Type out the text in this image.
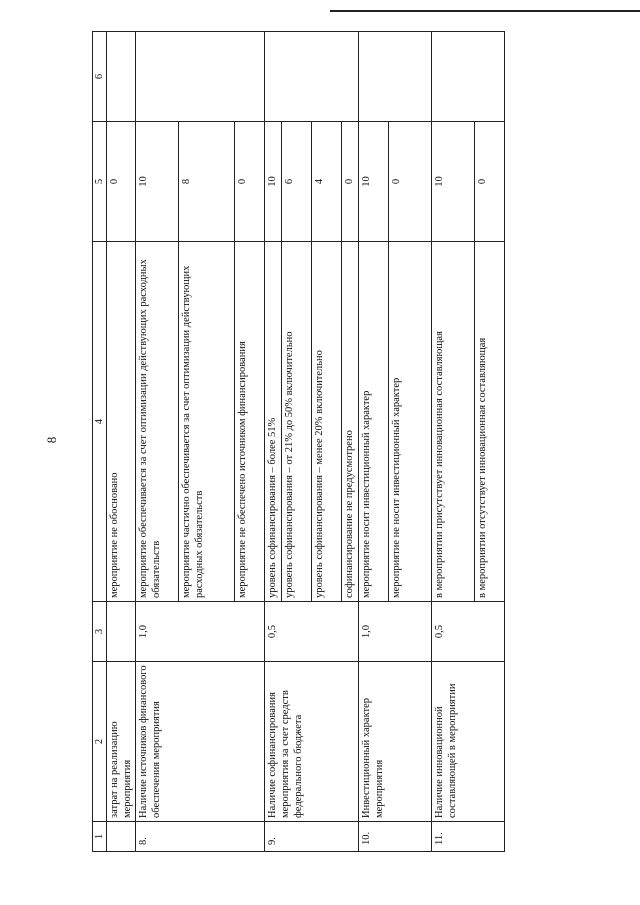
8
1	2	3	4	5	6
	затрат на реализацию мероприятия		мероприятие не обосновано	0	
8.	Наличие источников финансового обеспечения мероприятия	1,0	мероприятие обеспечивается за счет оптимизации действующих расходных обязательств	10	
			мероприятие частично обеспечивается за счет оптимизации действующих расходных обязательств	8	
			мероприятие не обеспечено источником финансирования	0	
9.	Наличие софинансирования мероприятия за счет средств федерального бюджета	0,5	уровень софинансирования – более 51%	10	
			уровень софинансирования – от 21% до 50% включительно	6	
			уровень софинансирования – менее 20% включительно	4	
			софинансирование не предусмотрено	0	
10.	Инвестиционный характер мероприятия	1,0	мероприятие носит инвестиционный характер	10	
			мероприятие не носит инвестиционный характер	0	
11.	Наличие инновационной составляющей в мероприятии	0,5	в мероприятии присутствует инновационная составляющая	10	
			в мероприятии отсутствует инновационная составляющая	0	
